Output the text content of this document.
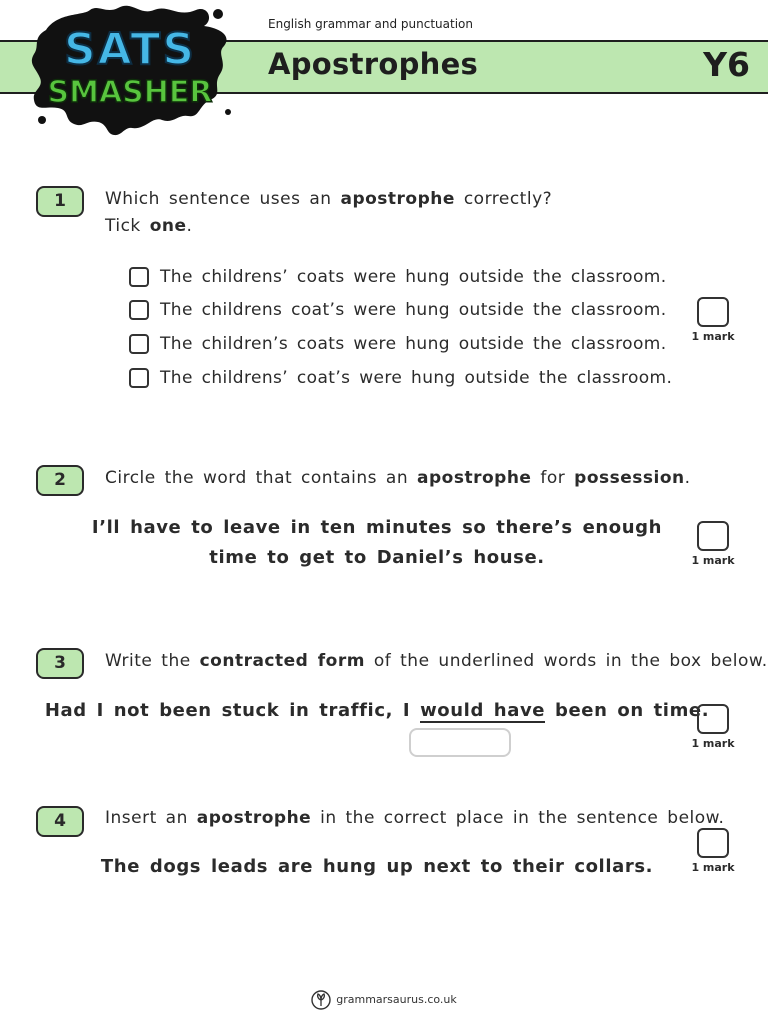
English grammar and punctuation
Apostrophes	Y6
SATS
SMASHER
1	Which sentence uses an apostrophe correctly?
Tick one.
The childrens’ coats were hung outside the classroom.
The childrens coat’s were hung outside the classroom.
The children’s coats were hung outside the classroom.
The childrens’ coat’s were hung outside the classroom.
1 mark
2	Circle the word that contains an apostrophe for possession.
I’ll have to leave in ten minutes so there’s enough
time to get to Daniel’s house.	1 mark
3	Write the contracted form of the underlined words in the box below.
Had I not been stuck in traffic, I would have been on time.
1 mark
4	Insert an apostrophe in the correct place in the sentence below.
The dogs leads are hung up next to their collars.	1 mark
grammarsaurus.co.uk
